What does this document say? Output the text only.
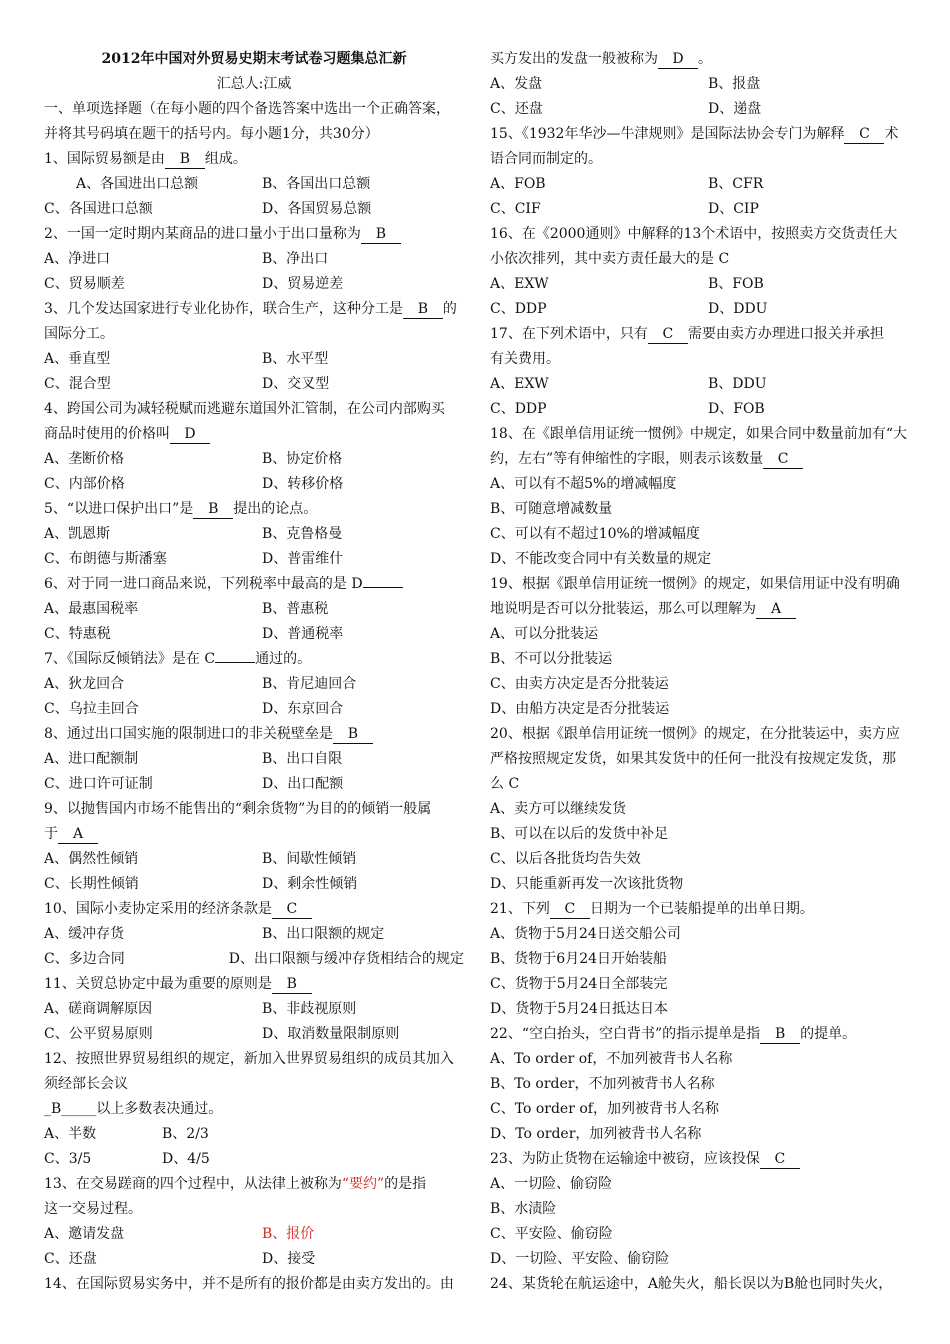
2012年中国对外贸易史期末考试卷习题集总汇新
汇总人:江威
一、单项选择题（在每小题的四个备选答案中选出一个正确答案，
并将其号码填在题干的括号内。每小题1分，共30分）
1、国际贸易额是由 B 组成。
A、各国进出口总额	B、各国出口总额
C、各国进口总额	D、各国贸易总额
2、一国一定时期内某商品的进口量小于出口量称为 B
A、净进口	B、净出口
C、贸易顺差	D、贸易逆差
3、几个发达国家进行专业化协作，联合生产，这种分工是 B 的
国际分工。
A、垂直型	B、水平型
C、混合型	D、交叉型
4、跨国公司为减轻税赋而逃避东道国外汇管制，在公司内部购买
商品时使用的价格叫 D
A、垄断价格	B、协定价格
C、内部价格	D、转移价格
5、“以进口保护出口”是 B 提出的论点。
A、凯恩斯	B、克鲁格曼
C、布朗德与斯潘塞	D、普雷维什
6、对于同一进口商品来说，下列税率中最高的是 D
A、最惠国税率	B、普惠税
C、特惠税	D、普通税率
7、《国际反倾销法》是在 C	通过的。
A、狄龙回合	B、肯尼迪回合
C、乌拉圭回合	D、东京回合
8、通过出口国实施的限制进口的非关税壁垒是 B
A、进口配额制	B、出口自限
C、进口许可证制	D、出口配额
9、以抛售国内市场不能售出的“剩余货物”为目的的倾销一般属
于 A
A、偶然性倾销	B、间歇性倾销
C、长期性倾销	D、剩余性倾销
10、国际小麦协定采用的经济条款是 C
A、缓冲存货	B、出口限额的规定
C、多边合同	D、出口限额与缓冲存货相结合的规定
11、关贸总协定中最为重要的原则是 B
A、磋商调解原因	B、非歧视原则
C、公平贸易原则	D、取消数量限制原则
12、按照世界贸易组织的规定，新加入世界贸易组织的成员其加入
须经部长会议
_B_____以上多数表决通过。
A、半数	B、2/3
C、3/5	D、4/5
13、在交易蹉商的四个过程中，从法律上被称为“要约”的是指
这一交易过程。
A、邀请发盘	B、报价
C、还盘	D、接受
14、在国际贸易实务中，并不是所有的报价都是由卖方发出的。由
买方发出的发盘一般被称为 D 。
A、发盘	B、报盘
C、还盘	D、递盘
15、《1932年华沙—牛津规则》是国际法协会专门为解释 C 术
语合同而制定的。
A、FOB	B、CFR
C、CIF	D、CIP
16、在《2000通则》中解释的13个术语中，按照卖方交货责任大
小依次排列，其中卖方责任最大的是 C
A、EXW	B、FOB
C、DDP	D、DDU
17、在下列术语中，只有 C 需要由卖方办理进口报关并承担
有关费用。
A、EXW	B、DDU
C、DDP	D、FOB
18、在《跟单信用证统一惯例》中规定，如果合同中数量前加有“大
约，左右”等有伸缩性的字眼，则表示该数量 C
A、可以有不超5%的增减幅度
B、可随意增减数量
C、可以有不超过10%的增减幅度
D、不能改变合同中有关数量的规定
19、根据《跟单信用证统一惯例》的规定，如果信用证中没有明确
地说明是否可以分批装运，那么可以理解为 A
A、可以分批装运
B、不可以分批装运
C、由卖方决定是否分批装运
D、由船方决定是否分批装运
20、根据《跟单信用证统一惯例》的规定，在分批装运中，卖方应
严格按照规定发货，如果其发货中的任何一批没有按规定发货，那
么 C
A、卖方可以继续发货
B、可以在以后的发货中补足
C、以后各批货均告失效
D、只能重新再发一次该批货物
21、下列 C 日期为一个已装船提单的出单日期。
A、货物于5月24日送交船公司
B、货物于6月24日开始装船
C、货物于5月24日全部装完
D、货物于5月24日抵达日本
22、“空白抬头，空白背书”的指示提单是指 B 的提单。
A、To order of，不加列被背书人名称
B、To order，不加列被背书人名称
C、To order of，加列被背书人名称
D、To order，加列被背书人名称
23、为防止货物在运输途中被窃，应该投保 C
A、一切险、偷窃险
B、水渍险
C、平安险、偷窃险
D、一切险、平安险、偷窃险
24、某货轮在航运途中，A舱失火，船长误以为B舱也同时失火，
